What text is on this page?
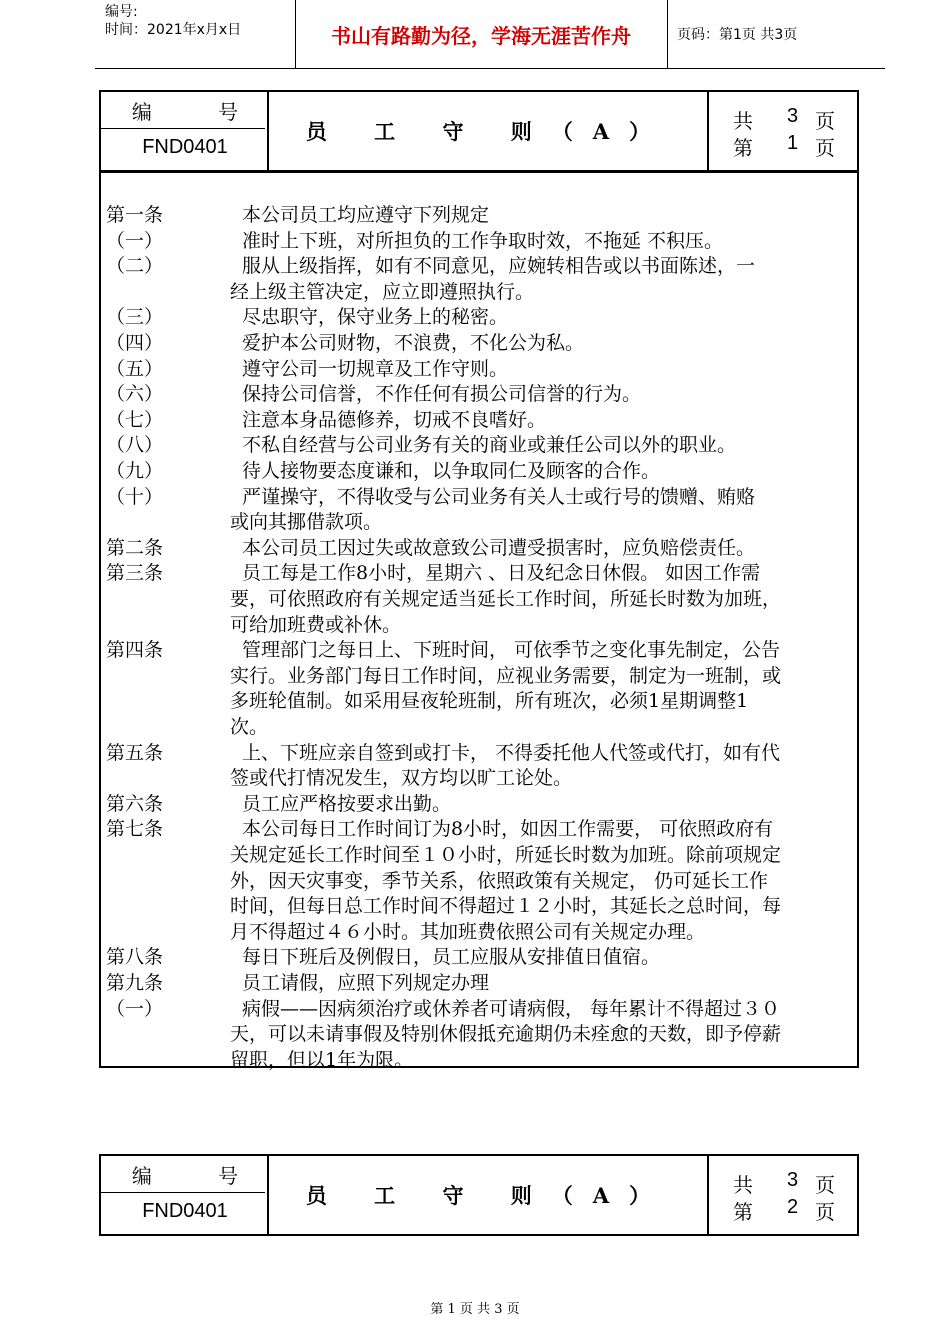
编号:
时间：2021年x月x日	书山有路勤为径，学海无涯苦作舟	页码：第1页 共3页
编 号
FND0401
员 工 守 则（A）	共	3 页
第	1 页
第一条	本公司员工均应遵守下列规定
（一）	准时上下班，对所担负的工作争取时效，不拖延 不积压。
（二）	服从上级指挥，如有不同意见，应婉转相告或以书面陈述，一
经上级主管决定，应立即遵照执行。
（三）	尽忠职守，保守业务上的秘密。
（四）	爱护本公司财物，不浪费，不化公为私。
（五）	遵守公司一切规章及工作守则。
（六）	保持公司信誉，不作任何有损公司信誉的行为。
（七）	注意本身品德修养，切戒不良嗜好。
（八）	不私自经营与公司业务有关的商业或兼任公司以外的职业。
（九）	待人接物要态度谦和，以争取同仁及顾客的合作。
（十）	严谨操守，不得收受与公司业务有关人士或行号的馈赠、贿赂
或向其挪借款项。
第二条	本公司员工因过失或故意致公司遭受损害时，应负赔偿责任。
第三条	员工每是工作8小时，星期六 、日及纪念日休假。 如因工作需
要，可依照政府有关规定适当延长工作时间，所延长时数为加班，
可给加班费或补休。
第四条	管理部门之每日上、下班时间， 可依季节之变化事先制定，公告
实行。业务部门每日工作时间，应视业务需要，制定为一班制，或
多班轮值制。如采用昼夜轮班制，所有班次，必须1星期调整1
次。
第五条	上、下班应亲自签到或打卡， 不得委托他人代签或代打，如有代
签或代打情况发生，双方均以旷工论处。
第六条	员工应严格按要求出勤。
第七条	本公司每日工作时间订为8小时，如因工作需要， 可依照政府有
关规定延长工作时间至１０小时，所延长时数为加班。除前项规定
外，因天灾事变，季节关系，依照政策有关规定， 仍可延长工作
时间，但每日总工作时间不得超过１２小时，其延长之总时间，每
月不得超过４６小时。其加班费依照公司有关规定办理。
第八条	每日下班后及例假日，员工应服从安排值日值宿。
第九条	员工请假，应照下列规定办理
（一）	病假——因病须治疗或休养者可请病假， 每年累计不得超过３０
天，可以未请事假及特别休假抵充逾期仍未痊愈的天数，即予停薪
留职，但以1年为限。
编 号
FND0401
员 工 守 则（A）	共	3 页
第	2 页
第 1 页 共 3 页
